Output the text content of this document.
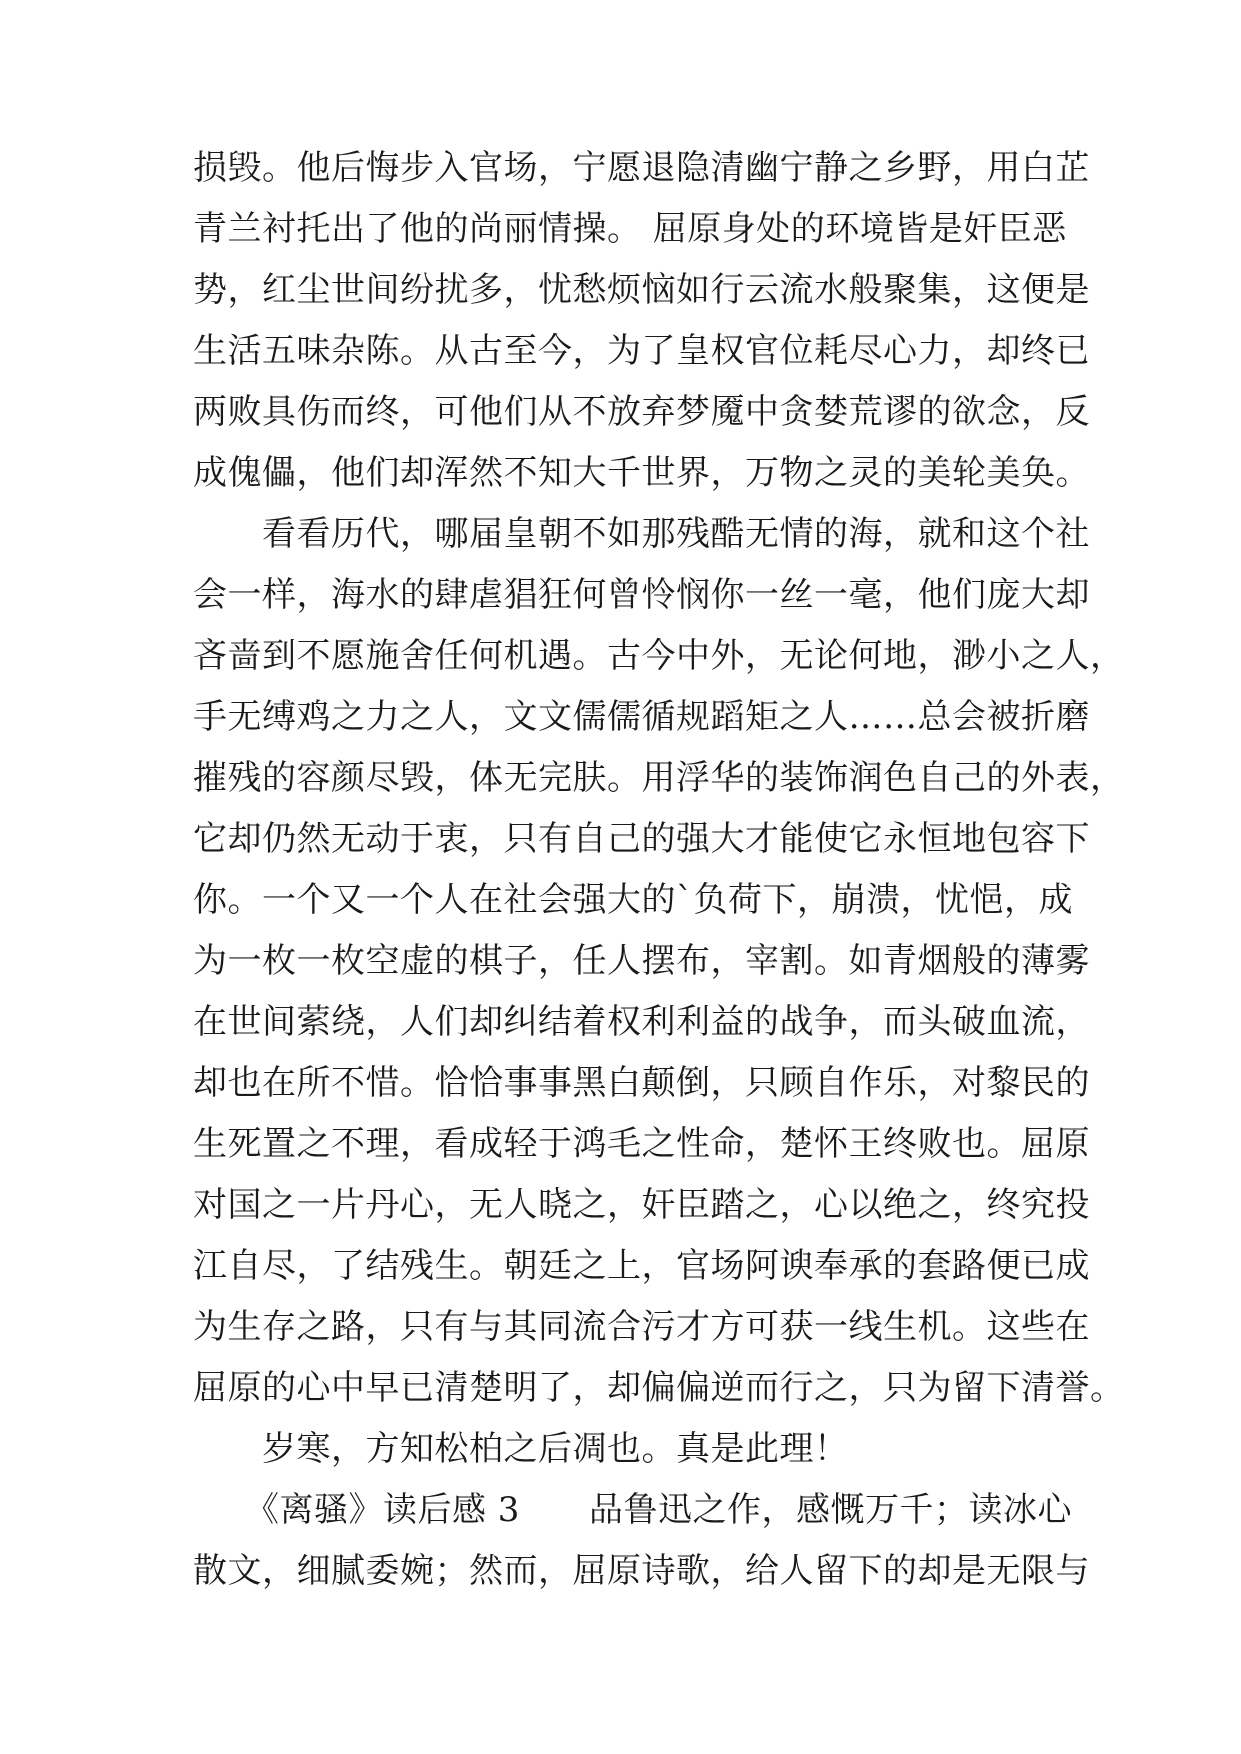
损毁。他后悔步入官场，宁愿退隐清幽宁静之乡野，用白芷
青兰衬托出了他的尚丽情操。 屈原身处的环境皆是奸臣恶
势，红尘世间纷扰多，忧愁烦恼如行云流水般聚集，这便是
生活五味杂陈。从古至今，为了皇权官位耗尽心力，却终已
两败具伤而终，可他们从不放弃梦魇中贪婪荒谬的欲念，反
成傀儡，他们却浑然不知大千世界，万物之灵的美轮美奂。
　　看看历代，哪届皇朝不如那残酷无情的海，就和这个社
会一样，海水的肆虐猖狂何曾怜悯你一丝一毫，他们庞大却
吝啬到不愿施舍任何机遇。古今中外，无论何地，渺小之人，
手无缚鸡之力之人，文文儒儒循规蹈矩之人……总会被折磨
摧残的容颜尽毁，体无完肤。用浮华的装饰润色自己的外表，
它却仍然无动于衷，只有自己的强大才能使它永恒地包容下
你。一个又一个人在社会强大的`负荷下，崩溃，忧悒，成
为一枚一枚空虚的棋子，任人摆布，宰割。如青烟般的薄雾
在世间萦绕，人们却纠结着权利利益的战争，而头破血流，
却也在所不惜。恰恰事事黑白颠倒，只顾自作乐，对黎民的
生死置之不理，看成轻于鸿毛之性命，楚怀王终败也。屈原
对国之一片丹心，无人晓之，奸臣踏之，心以绝之，终究投
江自尽，了结残生。朝廷之上，官场阿谀奉承的套路便已成
为生存之路，只有与其同流合污才方可获一线生机。这些在
屈原的心中早已清楚明了，却偏偏逆而行之，只为留下清誉。
　　岁寒，方知松柏之后凋也。真是此理！
　　《离骚》读后感 3　　品鲁迅之作，感慨万千；读冰心
散文，细腻委婉；然而，屈原诗歌，给人留下的却是无限与
